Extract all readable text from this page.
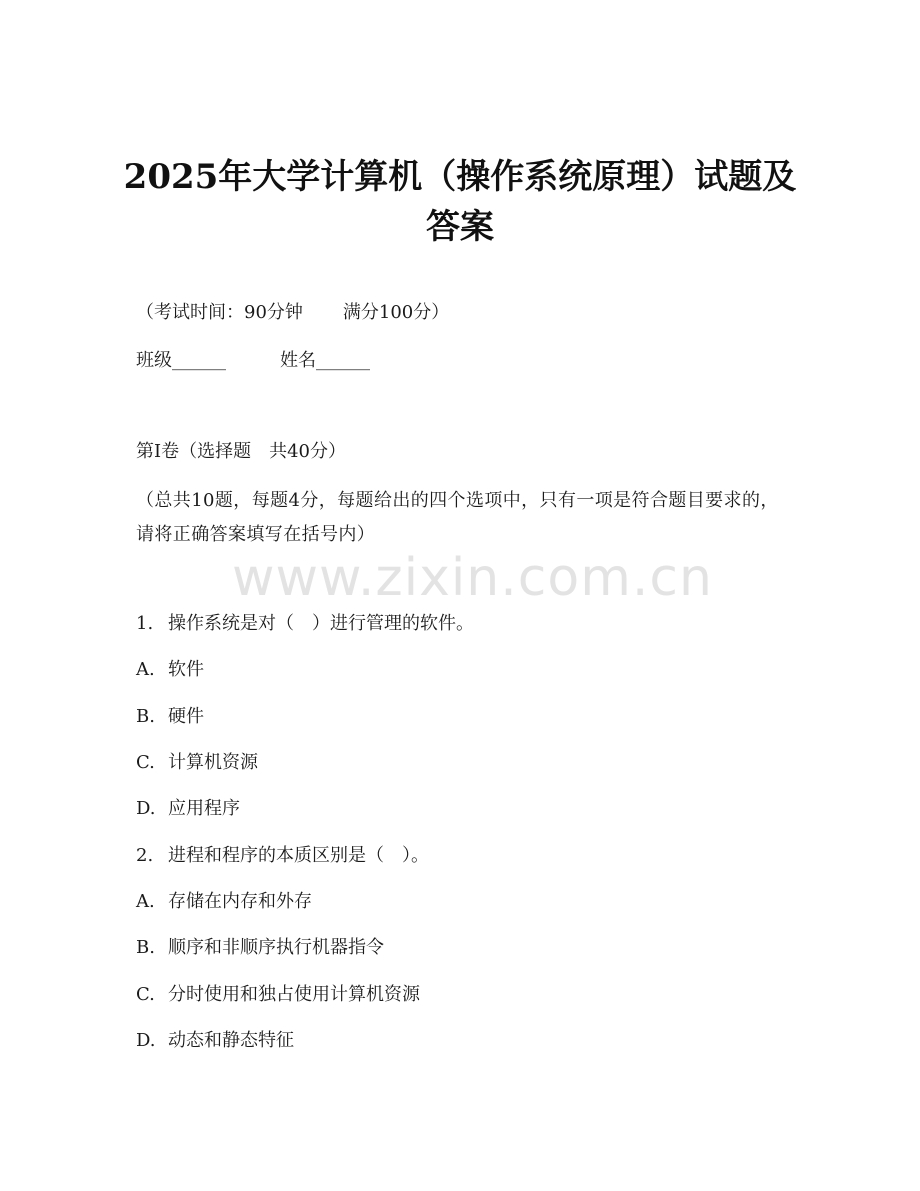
2025年大学计算机（操作系统原理）试题及
答案
（考试时间：90分钟 满分100分）
班级______	姓名______
第I卷（选择题　共40分）
（总共10题，每题4分，每题给出的四个选项中，只有一项是符合题目要求的，请将正确答案填写在括号内）
www.zixin.com.cn
1. 操作系统是对（　）进行管理的软件。
A. 软件
B. 硬件
C. 计算机资源
D. 应用程序
2. 进程和程序的本质区别是（　）。
A. 存储在内存和外存
B. 顺序和非顺序执行机器指令
C. 分时使用和独占使用计算机资源
D. 动态和静态特征
